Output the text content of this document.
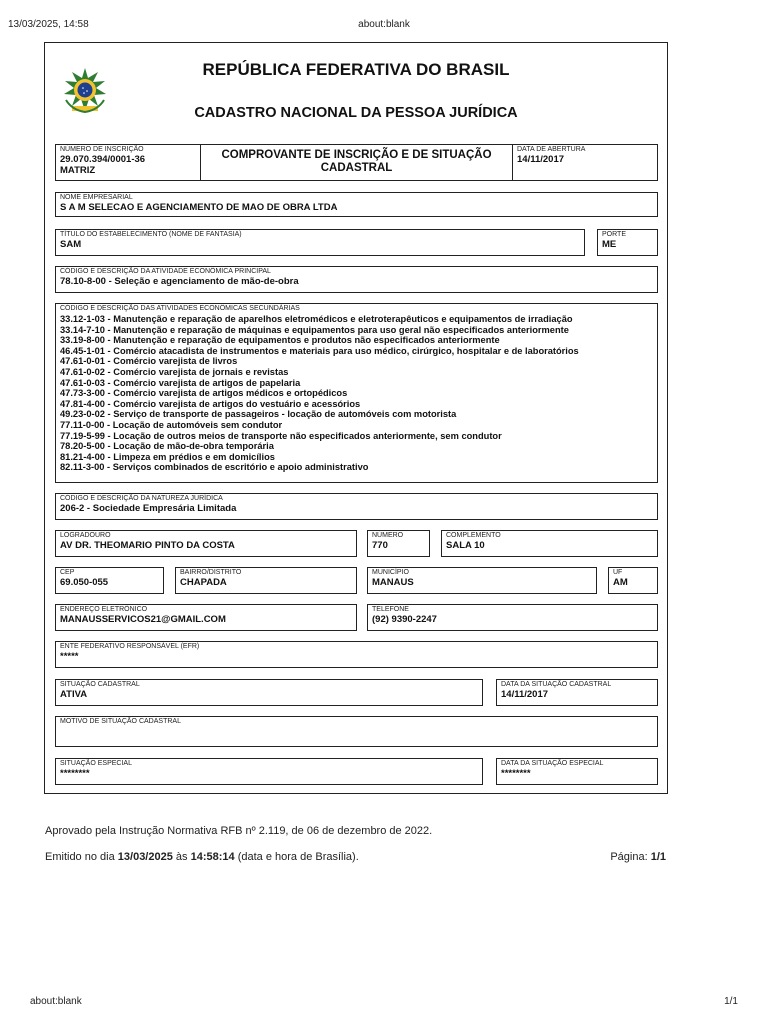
13/03/2025, 14:58	about:blank
REPÚBLICA FEDERATIVA DO BRASIL
CADASTRO NACIONAL DA PESSOA JURÍDICA
NÚMERO DE INSCRIÇÃO
29.070.394/0001-36
MATRIZ
COMPROVANTE DE INSCRIÇÃO E DE SITUAÇÃO
CADASTRAL
DATA DE ABERTURA
14/11/2017
NOME EMPRESARIAL
S A M SELECAO E AGENCIAMENTO DE MAO DE OBRA LTDA
TÍTULO DO ESTABELECIMENTO (NOME DE FANTASIA)
SAM
PORTE
ME
CÓDIGO E DESCRIÇÃO DA ATIVIDADE ECONÔMICA PRINCIPAL
78.10-8-00 - Seleção e agenciamento de mão-de-obra
CÓDIGO E DESCRIÇÃO DAS ATIVIDADES ECONÔMICAS SECUNDÁRIAS
33.12-1-03 - Manutenção e reparação de aparelhos eletromédicos e eletroterapêuticos e equipamentos de irradiação
33.14-7-10 - Manutenção e reparação de máquinas e equipamentos para uso geral não especificados anteriormente
33.19-8-00 - Manutenção e reparação de equipamentos e produtos não especificados anteriormente
46.45-1-01 - Comércio atacadista de instrumentos e materiais para uso médico, cirúrgico, hospitalar e de laboratórios
47.61-0-01 - Comércio varejista de livros
47.61-0-02 - Comércio varejista de jornais e revistas
47.61-0-03 - Comércio varejista de artigos de papelaria
47.73-3-00 - Comércio varejista de artigos médicos e ortopédicos
47.81-4-00 - Comércio varejista de artigos do vestuário e acessórios
49.23-0-02 - Serviço de transporte de passageiros - locação de automóveis com motorista
77.11-0-00 - Locação de automóveis sem condutor
77.19-5-99 - Locação de outros meios de transporte não especificados anteriormente, sem condutor
78.20-5-00 - Locação de mão-de-obra temporária
81.21-4-00 - Limpeza em prédios e em domicílios
82.11-3-00 - Serviços combinados de escritório e apoio administrativo
CÓDIGO E DESCRIÇÃO DA NATUREZA JURÍDICA
206-2 - Sociedade Empresária Limitada
LOGRADOURO
AV DR. THEOMARIO PINTO DA COSTA
NÚMERO
770
COMPLEMENTO
SALA 10
CEP
69.050-055
BAIRRO/DISTRITO
CHAPADA
MUNICÍPIO
MANAUS
UF
AM
ENDEREÇO ELETRÔNICO
MANAUSSERVICOS21@GMAIL.COM
TELEFONE
(92) 9390-2247
ENTE FEDERATIVO RESPONSÁVEL (EFR)
*****
SITUAÇÃO CADASTRAL
ATIVA
DATA DA SITUAÇÃO CADASTRAL
14/11/2017
MOTIVO DE SITUAÇÃO CADASTRAL
SITUAÇÃO ESPECIAL
********
DATA DA SITUAÇÃO ESPECIAL
********
Aprovado pela Instrução Normativa RFB nº 2.119, de 06 de dezembro de 2022.
Emitido no dia 13/03/2025 às 14:58:14 (data e hora de Brasília).	Página: 1/1
about:blank	1/1
